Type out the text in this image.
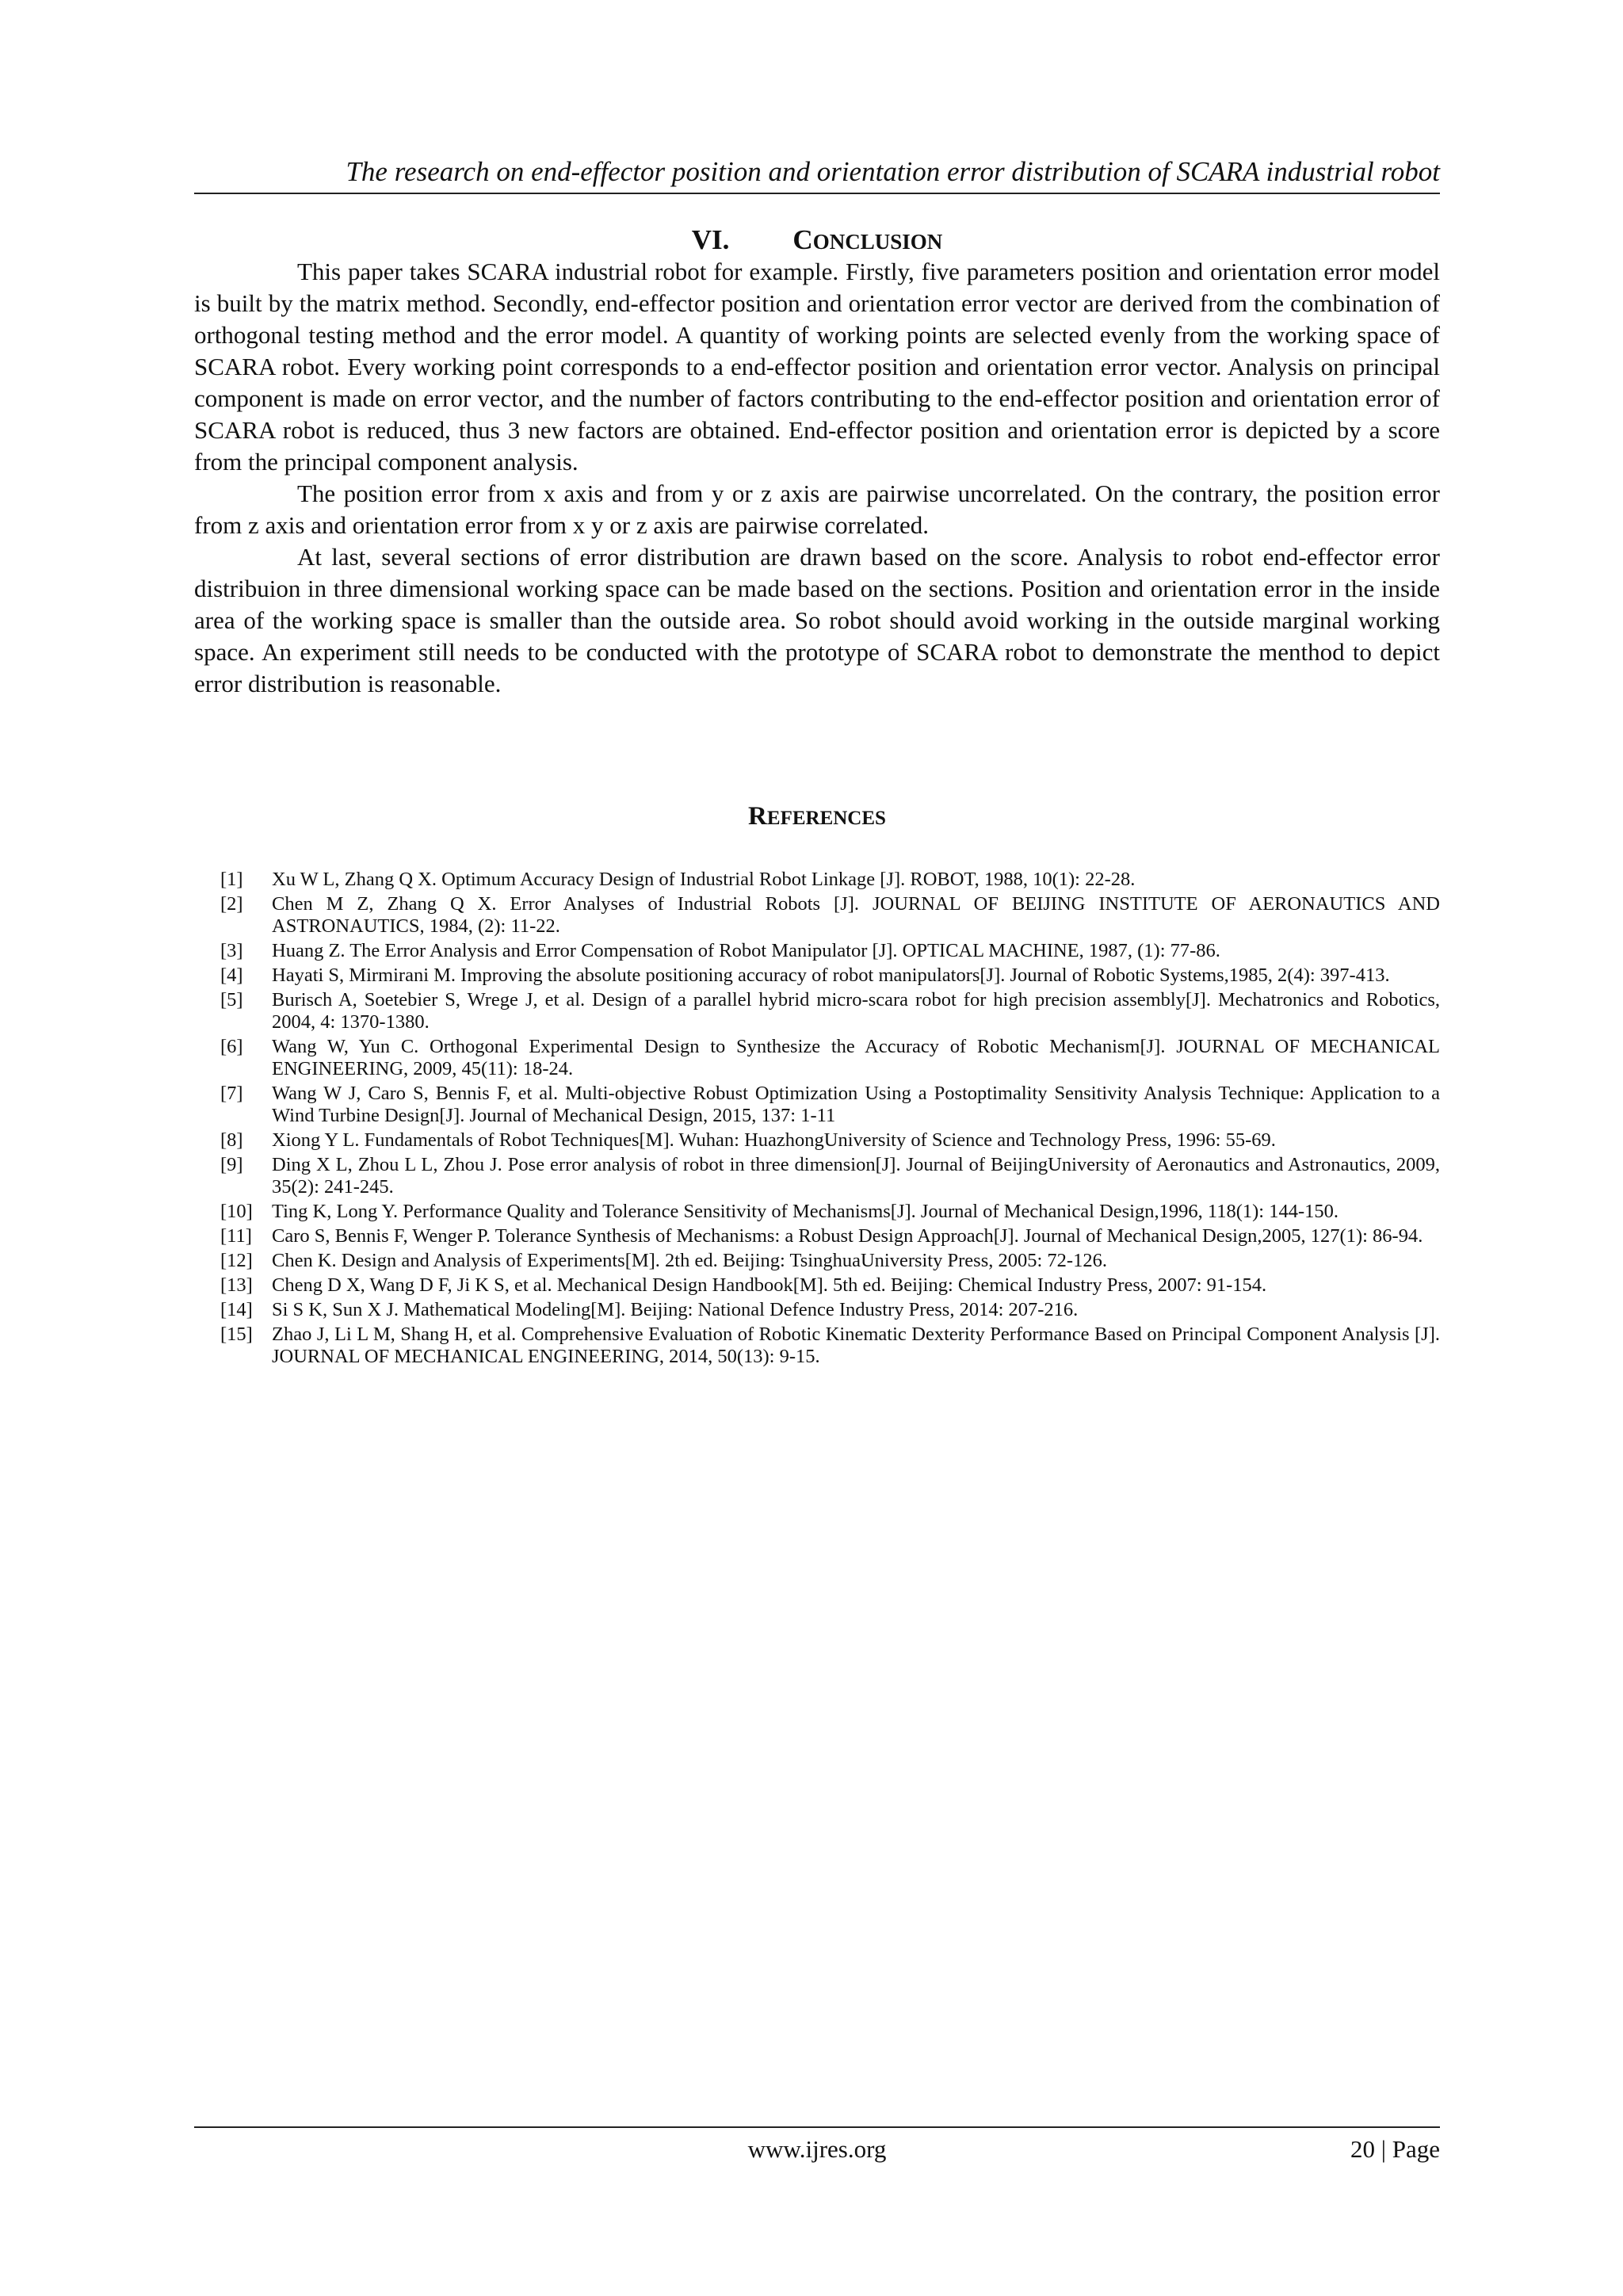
The research on end-effector position and orientation error distribution of SCARA industrial robot
VI. CONCLUSION

This paper takes SCARA industrial robot for example. Firstly, five parameters position and orientation error model is built by the matrix method. Secondly, end-effector position and orientation error vector are derived from the combination of orthogonal testing method and the error model. A quantity of working points are selected evenly from the working space of SCARA robot. Every working point corresponds to a end-effector position and orientation error vector. Analysis on principal component is made on error vector, and the number of factors contributing to the end-effector position and orientation error of SCARA robot is reduced, thus 3 new factors are obtained. End-effector position and orientation error is depicted by a score from the principal component analysis.

The position error from x axis and from y or z axis are pairwise uncorrelated. On the contrary, the position error from z axis and orientation error from x y or z axis are pairwise correlated.

At last, several sections of error distribution are drawn based on the score. Analysis to robot end-effector error distribuion in three dimensional working space can be made based on the sections. Position and orientation error in the inside area of the working space is smaller than the outside area. So robot should avoid working in the outside marginal working space. An experiment still needs to be conducted with the prototype of SCARA robot to demonstrate the menthod to depict error distribution is reasonable.

REFERENCES
[1] Xu W L, Zhang Q X. Optimum Accuracy Design of Industrial Robot Linkage [J]. ROBOT, 1988, 10(1): 22-28.
[2] Chen M Z, Zhang Q X. Error Analyses of Industrial Robots [J]. JOURNAL OF BEIJING INSTITUTE OF AERONAUTICS AND ASTRONAUTICS, 1984, (2): 11-22.
[3] Huang Z. The Error Analysis and Error Compensation of Robot Manipulator [J]. OPTICAL MACHINE, 1987, (1): 77-86.
[4] Hayati S, Mirmirani M. Improving the absolute positioning accuracy of robot manipulators[J]. Journal of Robotic Systems,1985, 2(4): 397-413.
[5] Burisch A, Soetebier S, Wrege J, et al. Design of a parallel hybrid micro-scara robot for high precision assembly[J]. Mechatronics and Robotics, 2004, 4: 1370-1380.
[6] Wang W, Yun C. Orthogonal Experimental Design to Synthesize the Accuracy of Robotic Mechanism[J]. JOURNAL OF MECHANICAL ENGINEERING, 2009, 45(11): 18-24.
[7] Wang W J, Caro S, Bennis F, et al. Multi-objective Robust Optimization Using a Postoptimality Sensitivity Analysis Technique: Application to a Wind Turbine Design[J]. Journal of Mechanical Design, 2015, 137: 1-11
[8] Xiong Y L. Fundamentals of Robot Techniques[M]. Wuhan: HuazhongUniversity of Science and Technology Press, 1996: 55-69.
[9] Ding X L, Zhou L L, Zhou J. Pose error analysis of robot in three dimension[J]. Journal of BeijingUniversity of Aeronautics and Astronautics, 2009, 35(2): 241-245.
[10] Ting K, Long Y. Performance Quality and Tolerance Sensitivity of Mechanisms[J]. Journal of Mechanical Design,1996, 118(1): 144-150.
[11] Caro S, Bennis F, Wenger P. Tolerance Synthesis of Mechanisms: a Robust Design Approach[J]. Journal of Mechanical Design,2005, 127(1): 86-94.
[12] Chen K. Design and Analysis of Experiments[M]. 2th ed. Beijing: TsinghuaUniversity Press, 2005: 72-126.
[13] Cheng D X, Wang D F, Ji K S, et al. Mechanical Design Handbook[M]. 5th ed. Beijing: Chemical Industry Press, 2007: 91-154.
[14] Si S K, Sun X J. Mathematical Modeling[M]. Beijing: National Defence Industry Press, 2014: 207-216.
[15] Zhao J, Li L M, Shang H, et al. Comprehensive Evaluation of Robotic Kinematic Dexterity Performance Based on Principal Component Analysis [J]. JOURNAL OF MECHANICAL ENGINEERING, 2014, 50(13): 9-15.
www.ijres.org	20 | Page
